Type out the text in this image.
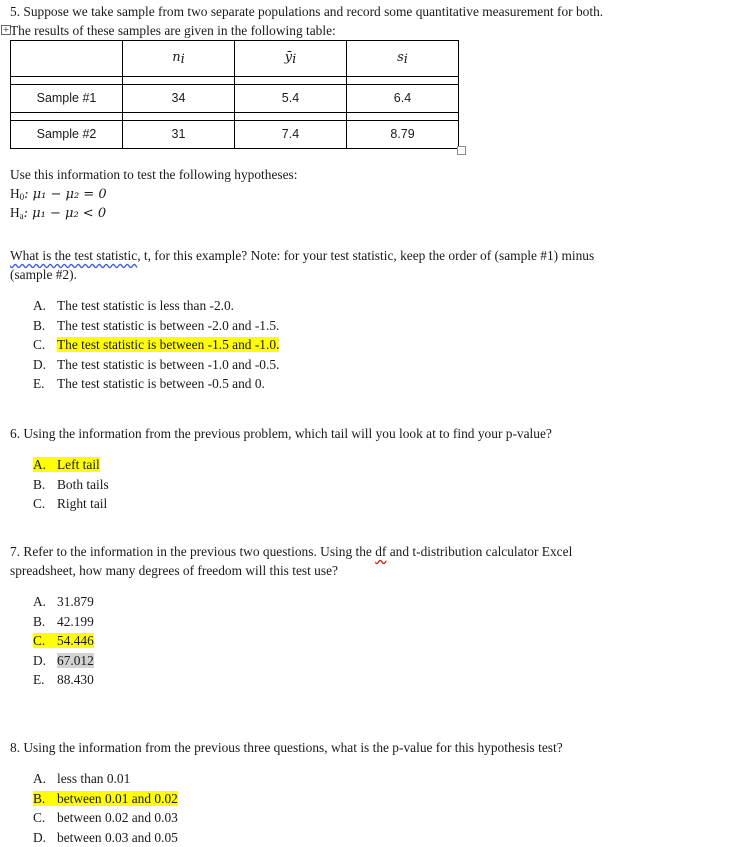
5. Suppose we take sample from two separate populations and record some quantitative measurement for both.
+ The results of these samples are given in the following table:
	$n_i$	$ȳ_i$	$s_i$

Sample #1	34	5.4	6.4

Sample #2	31	7.4	8.79
Use this information to test the following hypotheses:
$H_0$: μ₁ − μ₂ = 0
$H_a$: μ₁ − μ₂ < 0
What is the test statistic, t, for this example? Note: for your test statistic, keep the order of (sample #1) minus
(sample #2).
A. The test statistic is less than -2.0.
B. The test statistic is between -2.0 and -1.5.
C. The test statistic is between -1.5 and -1.0.
D. The test statistic is between -1.0 and -0.5.
E. The test statistic is between -0.5 and 0.
6. Using the information from the previous problem, which tail will you look at to find your p-value?
A. Left tail
B. Both tails
C. Right tail
7. Refer to the information in the previous two questions. Using the df and t-distribution calculator Excel
spreadsheet, how many degrees of freedom will this test use?
A. 31.879
B. 42.199
C. 54.446
D. 67.012
E. 88.430
8. Using the information from the previous three questions, what is the p-value for this hypothesis test?
A. less than 0.01
B. between 0.01 and 0.02
C. between 0.02 and 0.03
D. between 0.03 and 0.05
